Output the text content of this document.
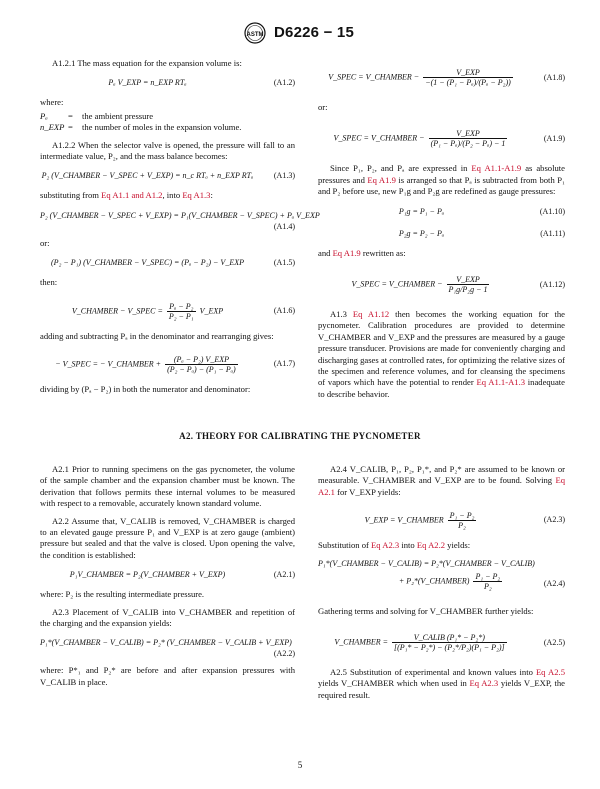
ASTM D6226 − 15

A1.2.1 The mass equation for the expansion volume is:

Pₐ V_EXP = n_EXP RTₐ	(A1.2)

where:

Pₐ	=	the ambient pressure
n_EXP =	the number of moles in the expansion volume.

A1.2.2 When the selector valve is opened, the pressure will fall to an intermediate value, P₂, and the mass balance becomes:

P₂ (V_CHAMBER − V_SPEC + V_EXP) = n_c RTₐ + n_EXP RTₐ	(A1.3)

substituting from Eq A1.1 and A1.2, into Eq A1.3:

P₂ (V_CHAMBER − V_SPEC + V_EXP) = P₁(V_CHAMBER − V_SPEC) + Pₐ V_EXP
(A1.4)

or:

(P₂ − P₁) (V_CHAMBER − V_SPEC) = (Pₐ − P₂) − V_EXP	(A1.5)

then:

V_CHAMBER − V_SPEC = $\frac{\text{Pₐ − P₂}}{\text{P₂ − P₁}}$ V_EXP	(A1.6)

adding and subtracting Pₐ in the denominator and rearranging gives:

− V_SPEC = − V_CHAMBER + $\frac{\text{(Pₐ − P₂) V\_EXP}}{\text{(P₂ − Pₐ) − (P₁ − Pₐ)}}$	(A1.7)

dividing by (Pₐ − P₂) in both the numerator and denominator:

V_SPEC = V_CHAMBER − $\frac{\text{V\_EXP}}{\text{−(1 − (P₁ − Pₐ)/(Pₐ − P₂))}}$	(A1.8)

or:

V_SPEC = V_CHAMBER − $\frac{\text{V\_EXP}}{\text{(P₁ − Pₐ)/(P₂ − Pₐ) − 1}}$	(A1.9)

Since P₁, P₂, and Pₐ are expressed in Eq A1.1-A1.9 as absolute pressures and Eq A1.9 is arranged so that Pₐ is subtracted from both P₁ and P₂ before use, new P₁g and P₂g are redefined as gauge pressures:

P₁g = P₁ − Pₐ	(A1.10)
P₂g = P₂ − Pₐ	(A1.11)

and Eq A1.9 rewritten as:

V_SPEC = V_CHAMBER − $\frac{\text{V\_EXP}}{\text{P₁g/P₂g − 1}}$	(A1.12)

A1.3 Eq A1.12 then becomes the working equation for the pycnometer. Calibration procedures are provided to determine V_CHAMBER and V_EXP and the pressures are measured by a gauge pressure transducer. Provisions are made for conveniently charging and discharging gases at controlled rates, for optimizing the relative sizes of the specimen and reference volumes, and for cleansing the specimens of vapors which have the potential to render Eq A1.1-A1.3 inadequate to describe behavior.

A2. THEORY FOR CALIBRATING THE PYCNOMETER

A2.1 Prior to running specimens on the gas pycnometer, the volume of the sample chamber and the expansion chamber must be known. The derivation that follows permits these internal volumes to be measured with respect to a removable, accurately known standard volume.

A2.2 Assume that, V_CALIB is removed, V_CHAMBER is charged to an elevated gauge pressure P₁ and V_EXP is at zero gauge (ambient) pressure but sealed and that the valve is closed. Upon opening the valve, the condition is established:

P₁V_CHAMBER = P₂(V_CHAMBER + V_EXP)	(A2.1)

where: P₂ is the resulting intermediate pressure.

A2.3 Placement of V_CALIB into V_CHAMBER and repetition of the charging and the expansion yields:

P₁*(V_CHAMBER − V_CALIB) = P₂* (V_CHAMBER − V_CALIB + V_EXP)
(A2.2)

where: P*₁ and P₂* are before and after expansion pressures with V_CALIB in place.

A2.4 V_CALIB, P₁, P₂, P₁*, and P₂* are assumed to be known or measurable. V_CHAMBER and V_EXP are to be found. Solving Eq A2.1 for V_EXP yields:

V_EXP = V_CHAMBER $\frac{\text{P₁ − P₂}}{\text{P₂}}$	(A2.3)

Substitution of Eq A2.3 into Eq A2.2 yields:

P₁*(V_CHAMBER − V_CALIB) = P₂*(V_CHAMBER − V_CALIB)
+ P₂*(V_CHAMBER) $\frac{\text{P₁ − P₂}}{\text{P₂}}$	(A2.4)

Gathering terms and solving for V_CHAMBER further yields:

V_CHAMBER = $\frac{\text{V\_CALIB (P₁* − P₂*)}}{\text{[(P₁* − P₂*) − (P₂*/P₂)(P₁ − P₂)]}}$	(A2.5)

A2.5 Substitution of experimental and known values into Eq A2.5 yields V_CHAMBER which when used in Eq A2.3 yields V_EXP, the required result.

5
